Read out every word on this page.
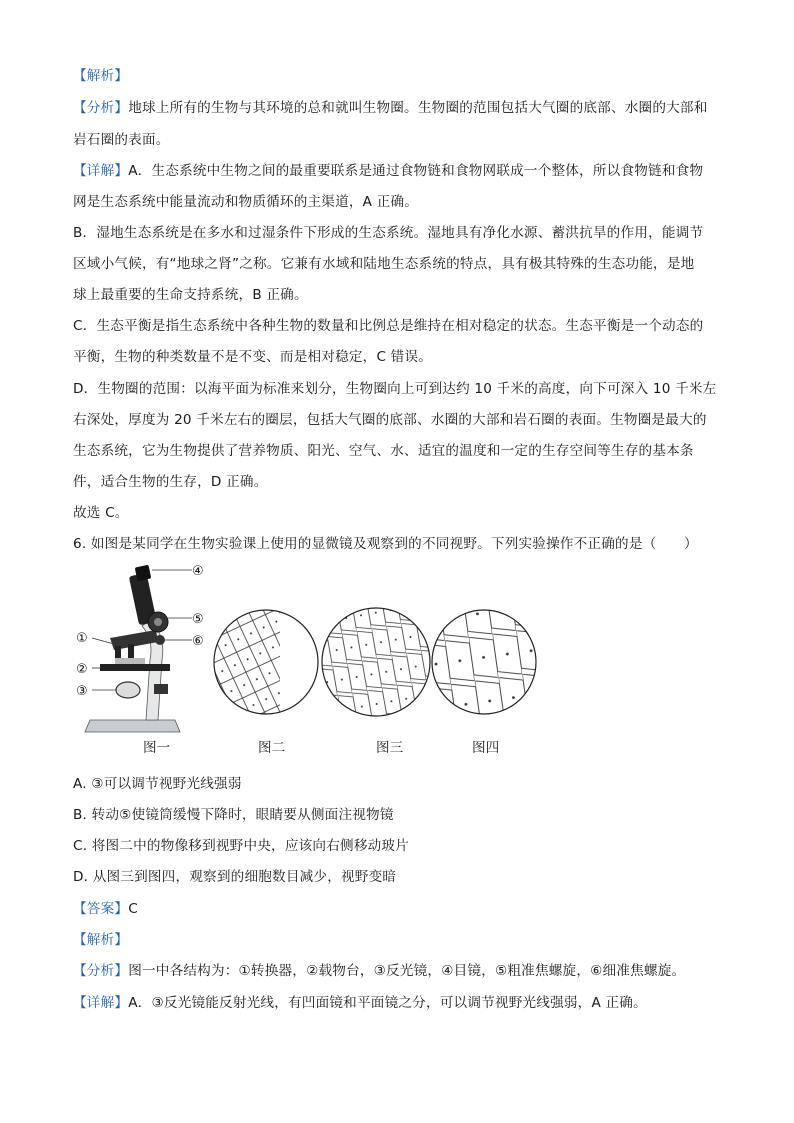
【解析】
【分析】地球上所有的生物与其环境的总和就叫生物圈。生物圈的范围包括大气圈的底部、水圈的大部和
岩石圈的表面。
【详解】A．生态系统中生物之间的最重要联系是通过食物链和食物网联成一个整体，所以食物链和食物
网是生态系统中能量流动和物质循环的主渠道，A 正确。
B．湿地生态系统是在多水和过湿条件下形成的生态系统。湿地具有净化水源、蓄洪抗旱的作用，能调节
区域小气候，有“地球之肾”之称。它兼有水域和陆地生态系统的特点，具有极其特殊的生态功能，是地
球上最重要的生命支持系统，B 正确。
C．生态平衡是指生态系统中各种生物的数量和比例总是维持在相对稳定的状态。生态平衡是一个动态的
平衡，生物的种类数量不是不变、而是相对稳定，C 错误。
D．生物圈的范围：以海平面为标准来划分，生物圈向上可到达约 10 千米的高度，向下可深入 10 千米左
右深处，厚度为 20 千米左右的圈层，包括大气圈的底部、水圈的大部和岩石圈的表面。生物圈是最大的
生态系统，它为生物提供了营养物质、阳光、空气、水、适宜的温度和一定的生存空间等生存的基本条
件，适合生物的生存，D 正确。
故选 C。
6. 如图是某同学在生物实验课上使用的显微镜及观察到的不同视野。下列实验操作不正确的是（　　）
④
⑤
⑥
①
②
③
图一	图二	图三	图四
A. ③可以调节视野光线强弱
B. 转动⑤使镜筒缓慢下降时，眼睛要从侧面注视物镜
C. 将图二中的物像移到视野中央，应该向右侧移动玻片
D. 从图三到图四，观察到的细胞数目减少，视野变暗
【答案】C
【解析】
【分析】图一中各结构为：①转换器，②载物台，③反光镜，④目镜，⑤粗准焦螺旋，⑥细准焦螺旋。
【详解】A．③反光镜能反射光线，有凹面镜和平面镜之分，可以调节视野光线强弱，A 正确。
